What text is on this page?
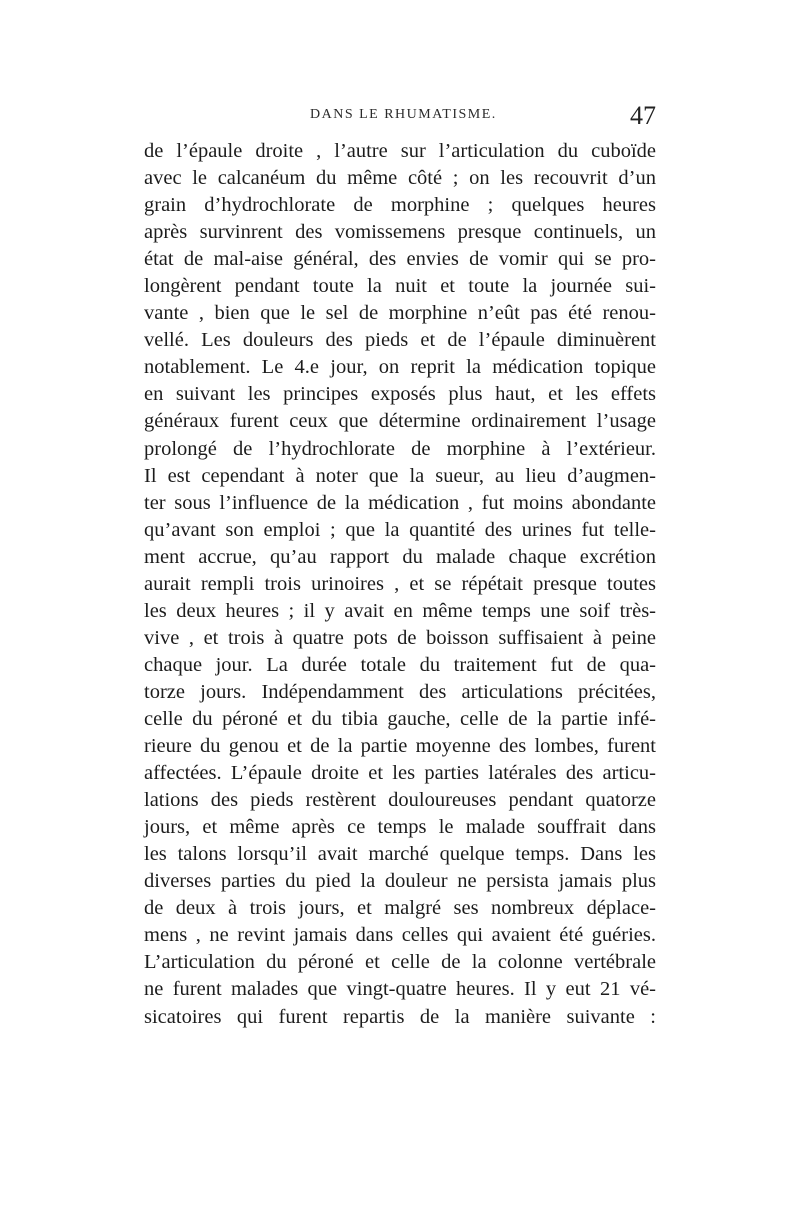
DANS LE RHUMATISME.	47
de l’épaule droite , l’autre sur l’articulation du cuboïde
avec le calcanéum du même côté ; on les recouvrit d’un
grain d’hydrochlorate de morphine ; quelques heures
après survinrent des vomissemens presque continuels, un
état de mal-aise général, des envies de vomir qui se pro-
longèrent pendant toute la nuit et toute la journée sui-
vante , bien que le sel de morphine n’eût pas été renou-
vellé. Les douleurs des pieds et de l’épaule diminuèrent
notablement. Le 4.e jour, on reprit la médication topique
en suivant les principes exposés plus haut, et les effets
généraux furent ceux que détermine ordinairement l’usage
prolongé de l’hydrochlorate de morphine à l’extérieur.
Il est cependant à noter que la sueur, au lieu d’augmen-
ter sous l’influence de la médication , fut moins abondante
qu’avant son emploi ; que la quantité des urines fut telle-
ment accrue, qu’au rapport du malade chaque excrétion
aurait rempli trois urinoires , et se répétait presque toutes
les deux heures ; il y avait en même temps une soif très-
vive , et trois à quatre pots de boisson suffisaient à peine
chaque jour. La durée totale du traitement fut de qua-
torze jours. Indépendamment des articulations précitées,
celle du péroné et du tibia gauche, celle de la partie infé-
rieure du genou et de la partie moyenne des lombes, furent
affectées. L’épaule droite et les parties latérales des articu-
lations des pieds restèrent douloureuses pendant quatorze
jours, et même après ce temps le malade souffrait dans
les talons lorsqu’il avait marché quelque temps. Dans les
diverses parties du pied la douleur ne persista jamais plus
de deux à trois jours, et malgré ses nombreux déplace-
mens , ne revint jamais dans celles qui avaient été guéries.
L’articulation du péroné et celle de la colonne vertébrale
ne furent malades que vingt-quatre heures. Il y eut 21 vé-
sicatoires qui furent repartis de la manière suivante :
